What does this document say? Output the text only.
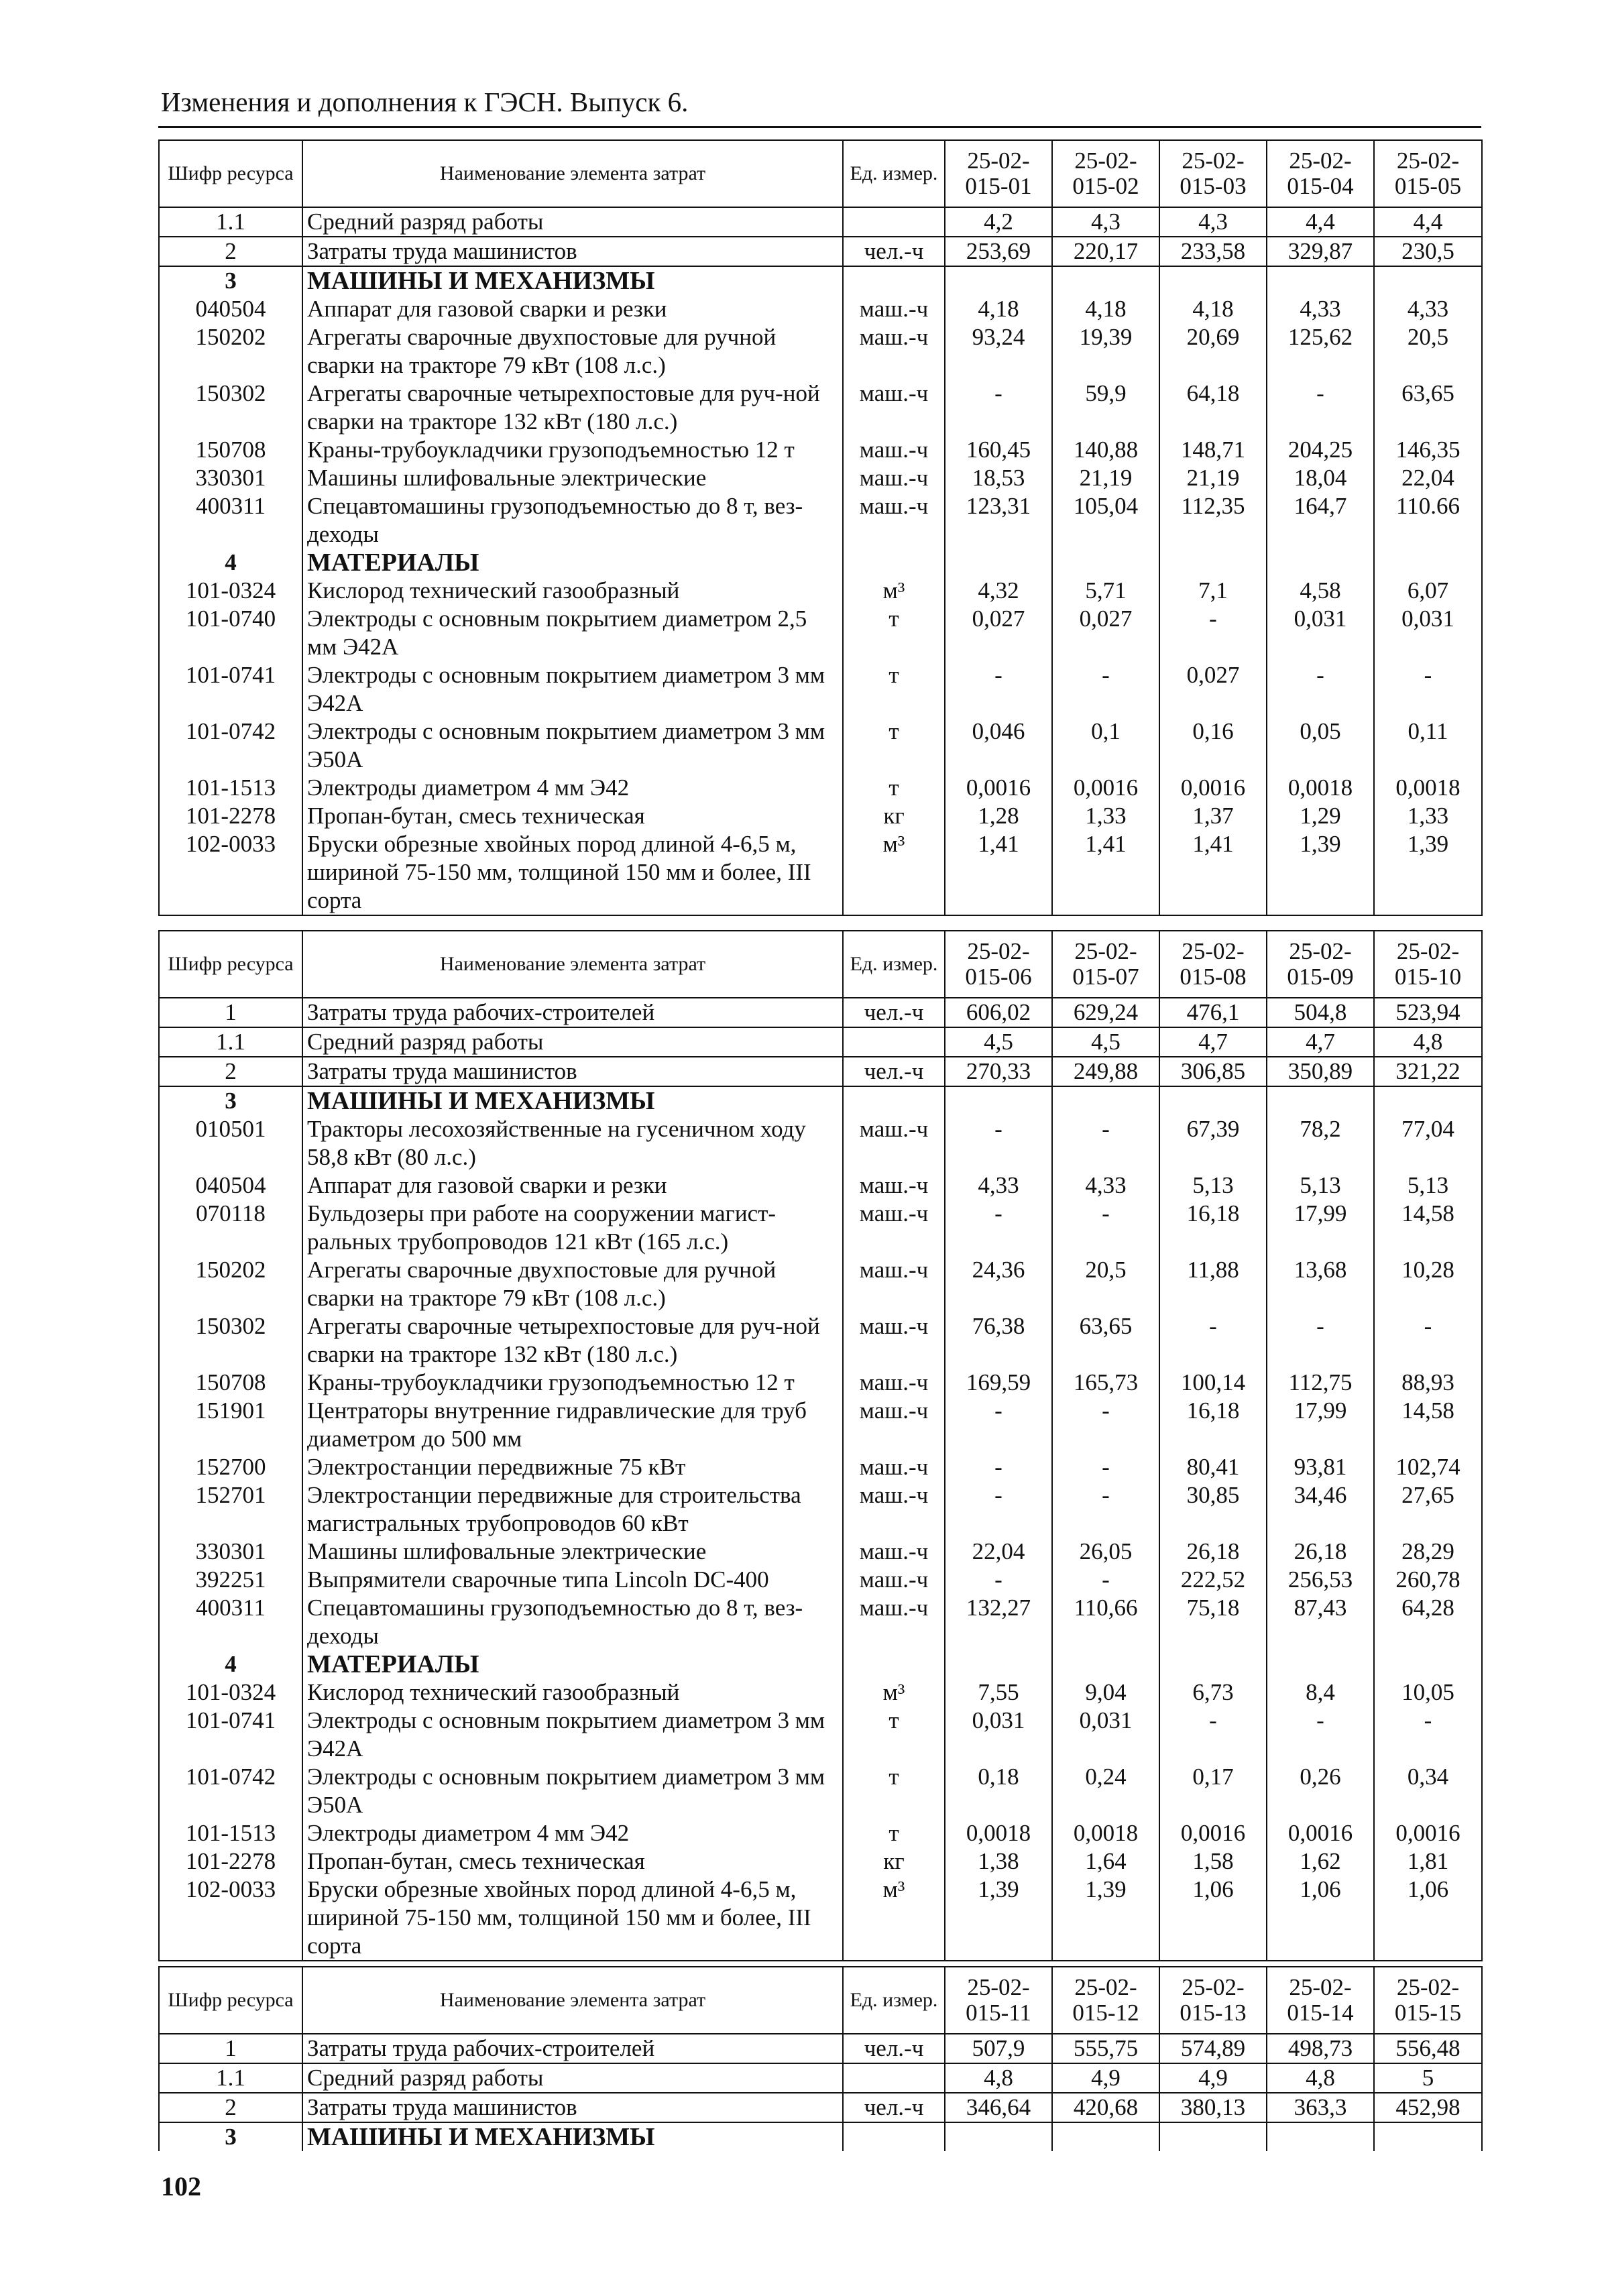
Изменения и дополнения к ГЭСН. Выпуск 6.
Шифр ресурса	Наименование элемента затрат	Ед. измер.	25-02-015-01	25-02-015-02	25-02-015-03	25-02-015-04	25-02-015-05
1.1	Средний разряд работы		4,2	4,3	4,3	4,4	4,4
2	Затраты труда машинистов	чел.-ч	253,69	220,17	233,58	329,87	230,5
3	МАШИНЫ И МЕХАНИЗМЫ						
040504	Аппарат для газовой сварки и резки	маш.-ч	4,18	4,18	4,18	4,33	4,33
150202	Агрегаты сварочные двухпостовые для ручной сварки на тракторе 79 кВт (108 л.с.)	маш.-ч	93,24	19,39	20,69	125,62	20,5
150302	Агрегаты сварочные четырехпостовые для руч-ной сварки на тракторе 132 кВт (180 л.с.)	маш.-ч	-	59,9	64,18	-	63,65
150708	Краны-трубоукладчики грузоподъемностью 12 т	маш.-ч	160,45	140,88	148,71	204,25	146,35
330301	Машины шлифовальные электрические	маш.-ч	18,53	21,19	21,19	18,04	22,04
400311	Спецавтомашины грузоподъемностью до 8 т, вез-деходы	маш.-ч	123,31	105,04	112,35	164,7	110.66
4	МАТЕРИАЛЫ						
101-0324	Кислород технический газообразный	м³	4,32	5,71	7,1	4,58	6,07
101-0740	Электроды с основным покрытием диаметром 2,5 мм Э42А	т	0,027	0,027	-	0,031	0,031
101-0741	Электроды с основным покрытием диаметром 3 мм Э42А	т	-	-	0,027	-	-
101-0742	Электроды с основным покрытием диаметром 3 мм Э50А	т	0,046	0,1	0,16	0,05	0,11
101-1513	Электроды диаметром 4 мм Э42	т	0,0016	0,0016	0,0016	0,0018	0,0018
101-2278	Пропан-бутан, смесь техническая	кг	1,28	1,33	1,37	1,29	1,33
102-0033	Бруски обрезные хвойных пород длиной 4-6,5 м, шириной 75-150 мм, толщиной 150 мм и более, III сорта	м³	1,41	1,41	1,41	1,39	1,39
Шифр ресурса	Наименование элемента затрат	Ед. измер.	25-02-015-06	25-02-015-07	25-02-015-08	25-02-015-09	25-02-015-10
1	Затраты труда рабочих-строителей	чел.-ч	606,02	629,24	476,1	504,8	523,94
1.1	Средний разряд работы		4,5	4,5	4,7	4,7	4,8
2	Затраты труда машинистов	чел.-ч	270,33	249,88	306,85	350,89	321,22
3	МАШИНЫ И МЕХАНИЗМЫ						
010501	Тракторы лесохозяйственные на гусеничном ходу 58,8 кВт (80 л.с.)	маш.-ч	-	-	67,39	78,2	77,04
040504	Аппарат для газовой сварки и резки	маш.-ч	4,33	4,33	5,13	5,13	5,13
070118	Бульдозеры при работе на сооружении магист-ральных трубопроводов 121 кВт (165 л.с.)	маш.-ч	-	-	16,18	17,99	14,58
150202	Агрегаты сварочные двухпостовые для ручной сварки на тракторе 79 кВт (108 л.с.)	маш.-ч	24,36	20,5	11,88	13,68	10,28
150302	Агрегаты сварочные четырехпостовые для руч-ной сварки на тракторе 132 кВт (180 л.с.)	маш.-ч	76,38	63,65	-	-	-
150708	Краны-трубоукладчики грузоподъемностью 12 т	маш.-ч	169,59	165,73	100,14	112,75	88,93
151901	Центраторы внутренние гидравлические для труб диаметром до 500 мм	маш.-ч	-	-	16,18	17,99	14,58
152700	Электростанции передвижные 75 кВт	маш.-ч	-	-	80,41	93,81	102,74
152701	Электростанции передвижные для строительства магистральных трубопроводов 60 кВт	маш.-ч	-	-	30,85	34,46	27,65
330301	Машины шлифовальные электрические	маш.-ч	22,04	26,05	26,18	26,18	28,29
392251	Выпрямители сварочные типа Lincoln DC-400	маш.-ч	-	-	222,52	256,53	260,78
400311	Спецавтомашины грузоподъемностью до 8 т, вез-деходы	маш.-ч	132,27	110,66	75,18	87,43	64,28
4	МАТЕРИАЛЫ						
101-0324	Кислород технический газообразный	м³	7,55	9,04	6,73	8,4	10,05
101-0741	Электроды с основным покрытием диаметром 3 мм Э42А	т	0,031	0,031	-	-	-
101-0742	Электроды с основным покрытием диаметром 3 мм Э50А	т	0,18	0,24	0,17	0,26	0,34
101-1513	Электроды диаметром 4 мм Э42	т	0,0018	0,0018	0,0016	0,0016	0,0016
101-2278	Пропан-бутан, смесь техническая	кг	1,38	1,64	1,58	1,62	1,81
102-0033	Бруски обрезные хвойных пород длиной 4-6,5 м, шириной 75-150 мм, толщиной 150 мм и более, III сорта	м³	1,39	1,39	1,06	1,06	1,06
Шифр ресурса	Наименование элемента затрат	Ед. измер.	25-02-015-11	25-02-015-12	25-02-015-13	25-02-015-14	25-02-015-15
1	Затраты труда рабочих-строителей	чел.-ч	507,9	555,75	574,89	498,73	556,48
1.1	Средний разряд работы		4,8	4,9	4,9	4,8	5
2	Затраты труда машинистов	чел.-ч	346,64	420,68	380,13	363,3	452,98
3	МАШИНЫ И МЕХАНИЗМЫ						
102
